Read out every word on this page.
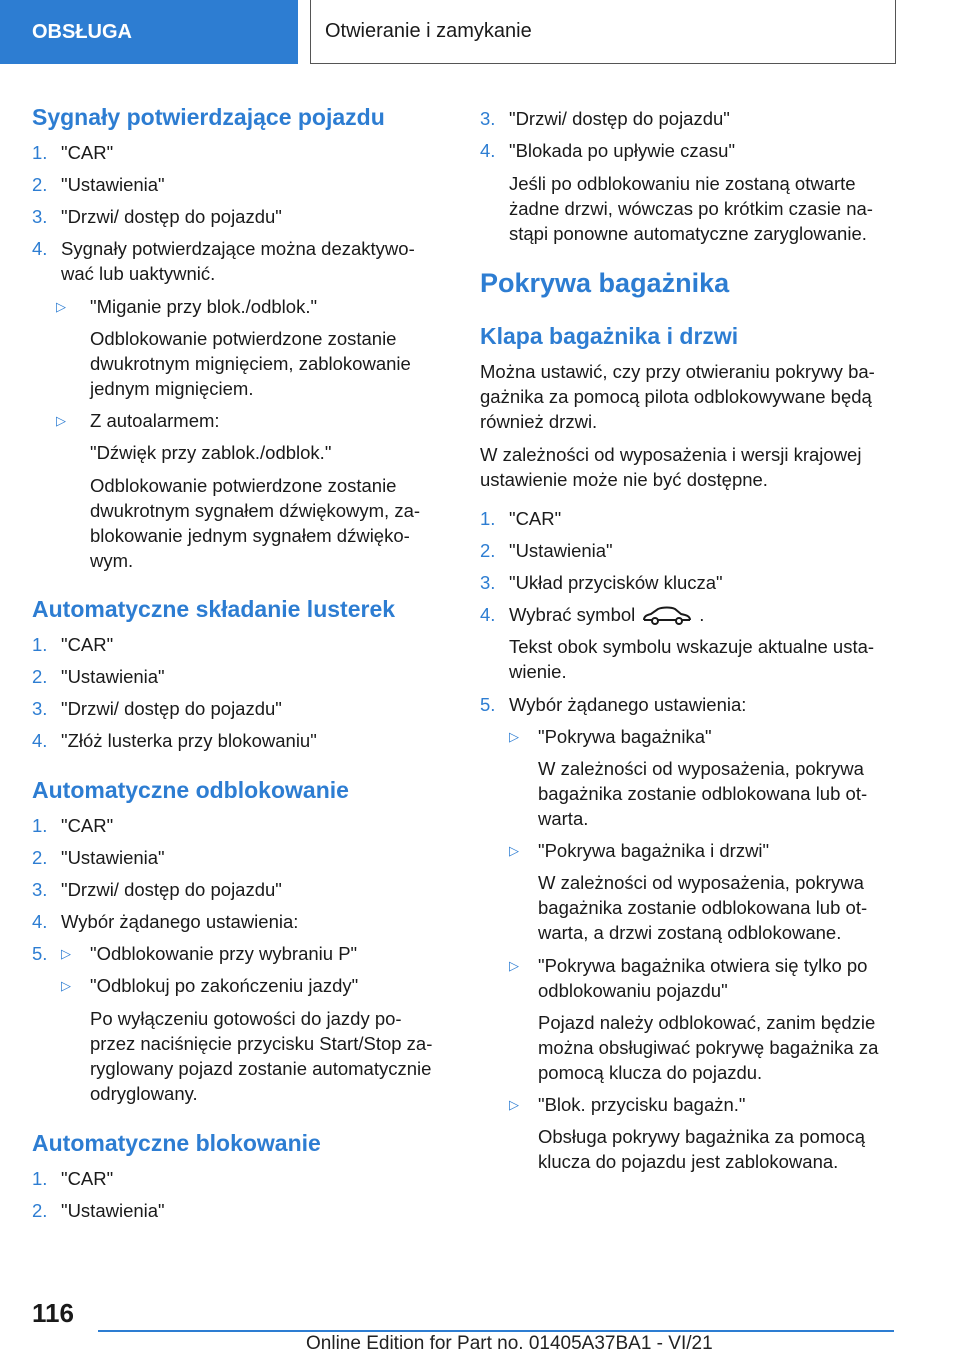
OBSŁUGA	Otwieranie i zamykanie
Sygnały potwierdzające pojazdu
1. "CAR"
2. "Ustawienia"
3. "Drzwi/ dostęp do pojazdu"
4. Sygnały potwierdzające można dezaktywo-
wać lub uaktywnić.
▷ "Miganie przy blok./odblok."
Odblokowanie potwierdzone zostanie
dwukrotnym mignięciem, zablokowanie
jednym mignięciem.
▷ Z autoalarmem:
"Dźwięk przy zablok./odblok."
Odblokowanie potwierdzone zostanie
dwukrotnym sygnałem dźwiękowym, za-
blokowanie jednym sygnałem dźwięko-
wym.
Automatyczne składanie lusterek
1. "CAR"
2. "Ustawienia"
3. "Drzwi/ dostęp do pojazdu"
4. "Złóż lusterka przy blokowaniu"
Automatyczne odblokowanie
1. "CAR"
2. "Ustawienia"
3. "Drzwi/ dostęp do pojazdu"
4. Wybór żądanego ustawienia:
5. ▷ "Odblokowanie przy wybraniu P"
▷ "Odblokuj po zakończeniu jazdy"
Po wyłączeniu gotowości do jazdy po-
przez naciśnięcie przycisku Start/Stop za-
ryglowany pojazd zostanie automatycznie
odryglowany.
Automatyczne blokowanie
1. "CAR"
2. "Ustawienia"
3. "Drzwi/ dostęp do pojazdu"
4. "Blokada po upływie czasu"
Jeśli po odblokowaniu nie zostaną otwarte
żadne drzwi, wówczas po krótkim czasie na-
stąpi ponowne automatyczne zaryglowanie.
Pokrywa bagażnika
Klapa bagażnika i drzwi
Można ustawić, czy przy otwieraniu pokrywy ba-
gażnika za pomocą pilota odblokowywane będą
również drzwi.
W zależności od wyposażenia i wersji krajowej
ustawienie może nie być dostępne.
1. "CAR"
2. "Ustawienia"
3. "Układ przycisków klucza"
4. Wybrać symbol	.
Tekst obok symbolu wskazuje aktualne usta-
wienie.
5. Wybór żądanego ustawienia:
▷ "Pokrywa bagażnika"
W zależności od wyposażenia, pokrywa
bagażnika zostanie odblokowana lub ot-
warta.
▷ "Pokrywa bagażnika i drzwi"
W zależności od wyposażenia, pokrywa
bagażnika zostanie odblokowana lub ot-
warta, a drzwi zostaną odblokowane.
▷ "Pokrywa bagażnika otwiera się tylko po
odblokowaniu pojazdu"
Pojazd należy odblokować, zanim będzie
można obsługiwać pokrywę bagażnika za
pomocą klucza do pojazdu.
▷ "Blok. przycisku bagażn."
Obsługa pokrywy bagażnika za pomocą
klucza do pojazdu jest zablokowana.
116
Online Edition for Part no. 01405A37BA1 - VI/21
